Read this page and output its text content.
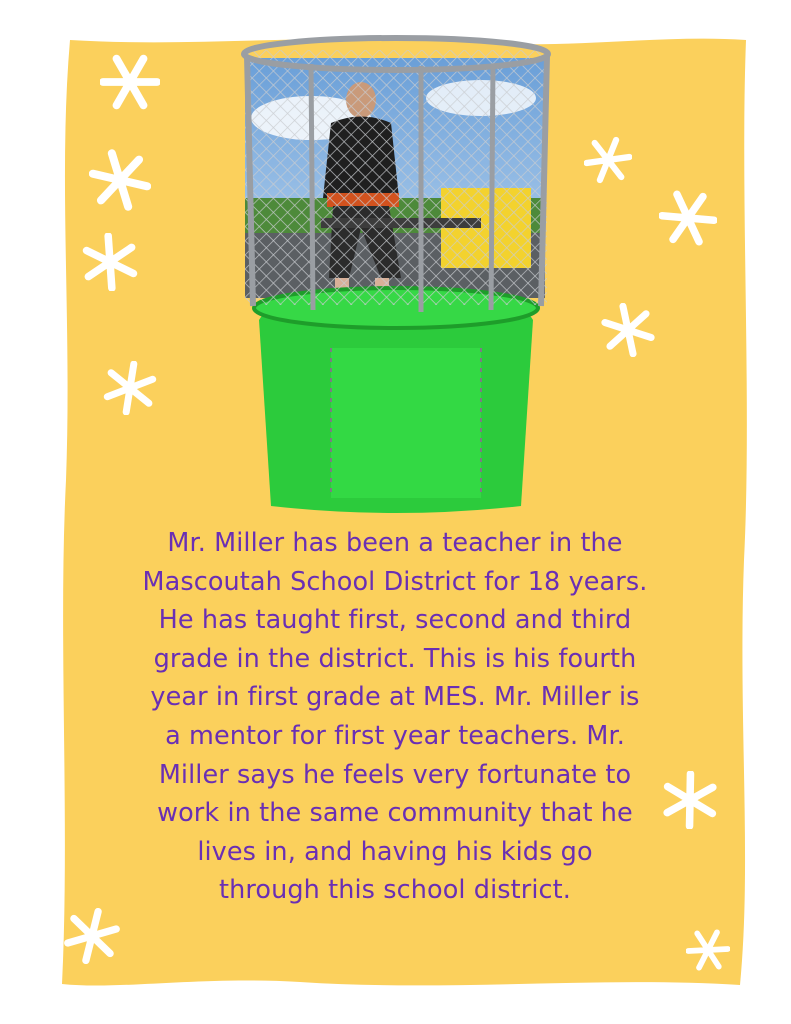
Mr. Miller has been a teacher in the
Mascoutah School District for 18 years.
He has taught first, second and third
grade in the district. This is his fourth
year in first grade at MES. Mr. Miller is
a mentor for first year teachers. Mr.
Miller says he feels very fortunate to
work in the same community that he
lives in, and having his kids go
through this school district.
